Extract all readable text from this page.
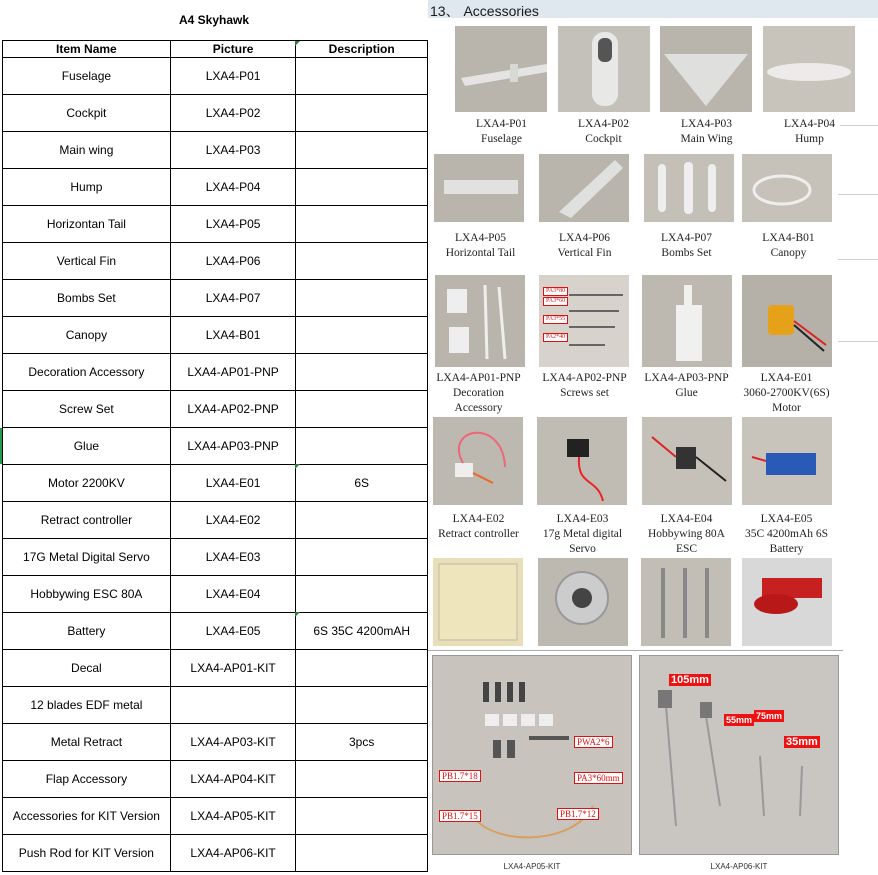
A4 Skyhawk
Item Name	Picture	Description
Fuselage	LXA4-P01	
Cockpit	LXA4-P02	
Main wing	LXA4-P03	
Hump	LXA4-P04	
Horizontan Tail	LXA4-P05	
Vertical Fin	LXA4-P06	
Bombs Set	LXA4-P07	
Canopy	LXA4-B01	
Decoration Accessory	LXA4-AP01-PNP	
Screw Set	LXA4-AP02-PNP	
Glue	LXA4-AP03-PNP	
Motor 2200KV	LXA4-E01	6S
Retract controller	LXA4-E02	
17G Metal Digital Servo	LXA4-E03	
Hobbywing ESC 80A	LXA4-E04	
Battery	LXA4-E05	6S 35C 4200mAH
Decal	LXA4-AP01-KIT	
12 blades EDF metal		
Metal Retract	LXA4-AP03-KIT	3pcs
Flap Accessory	LXA4-AP04-KIT	
Accessories for KIT Version	LXA4-AP05-KIT	
Push Rod for KIT Version	LXA4-AP06-KIT	
13、 Accessories
LXA4-P01
Fuselage
LXA4-P02
Cockpit
LXA4-P03
Main Wing
LXA4-P04
Hump
LXA4-P05
Horizontal Tail
LXA4-P06
Vertical Fin
LXA4-P07
Bombs Set
LXA4-B01
Canopy
PA3*80
PA3*60
PA3*55
PA2*40
LXA4-AP01-PNP
Decoration
Accessory
LXA4-AP02-PNP
Screws set
LXA4-AP03-PNP
Glue
LXA4-E01
3060-2700KV(6S)
Motor
LXA4-E02
Retract controller
LXA4-E03
17g Metal digital
Servo
LXA4-E04
Hobbywing 80A
ESC
LXA4-E05
35C 4200mAh 6S
Battery
PWA2*6
PB1.7*18	PA3*60mm
PB1.7*15	PB1.7*12
LXA4-AP05-KIT
105mm
55mm 75mm
35mm
LXA4-AP06-KIT
